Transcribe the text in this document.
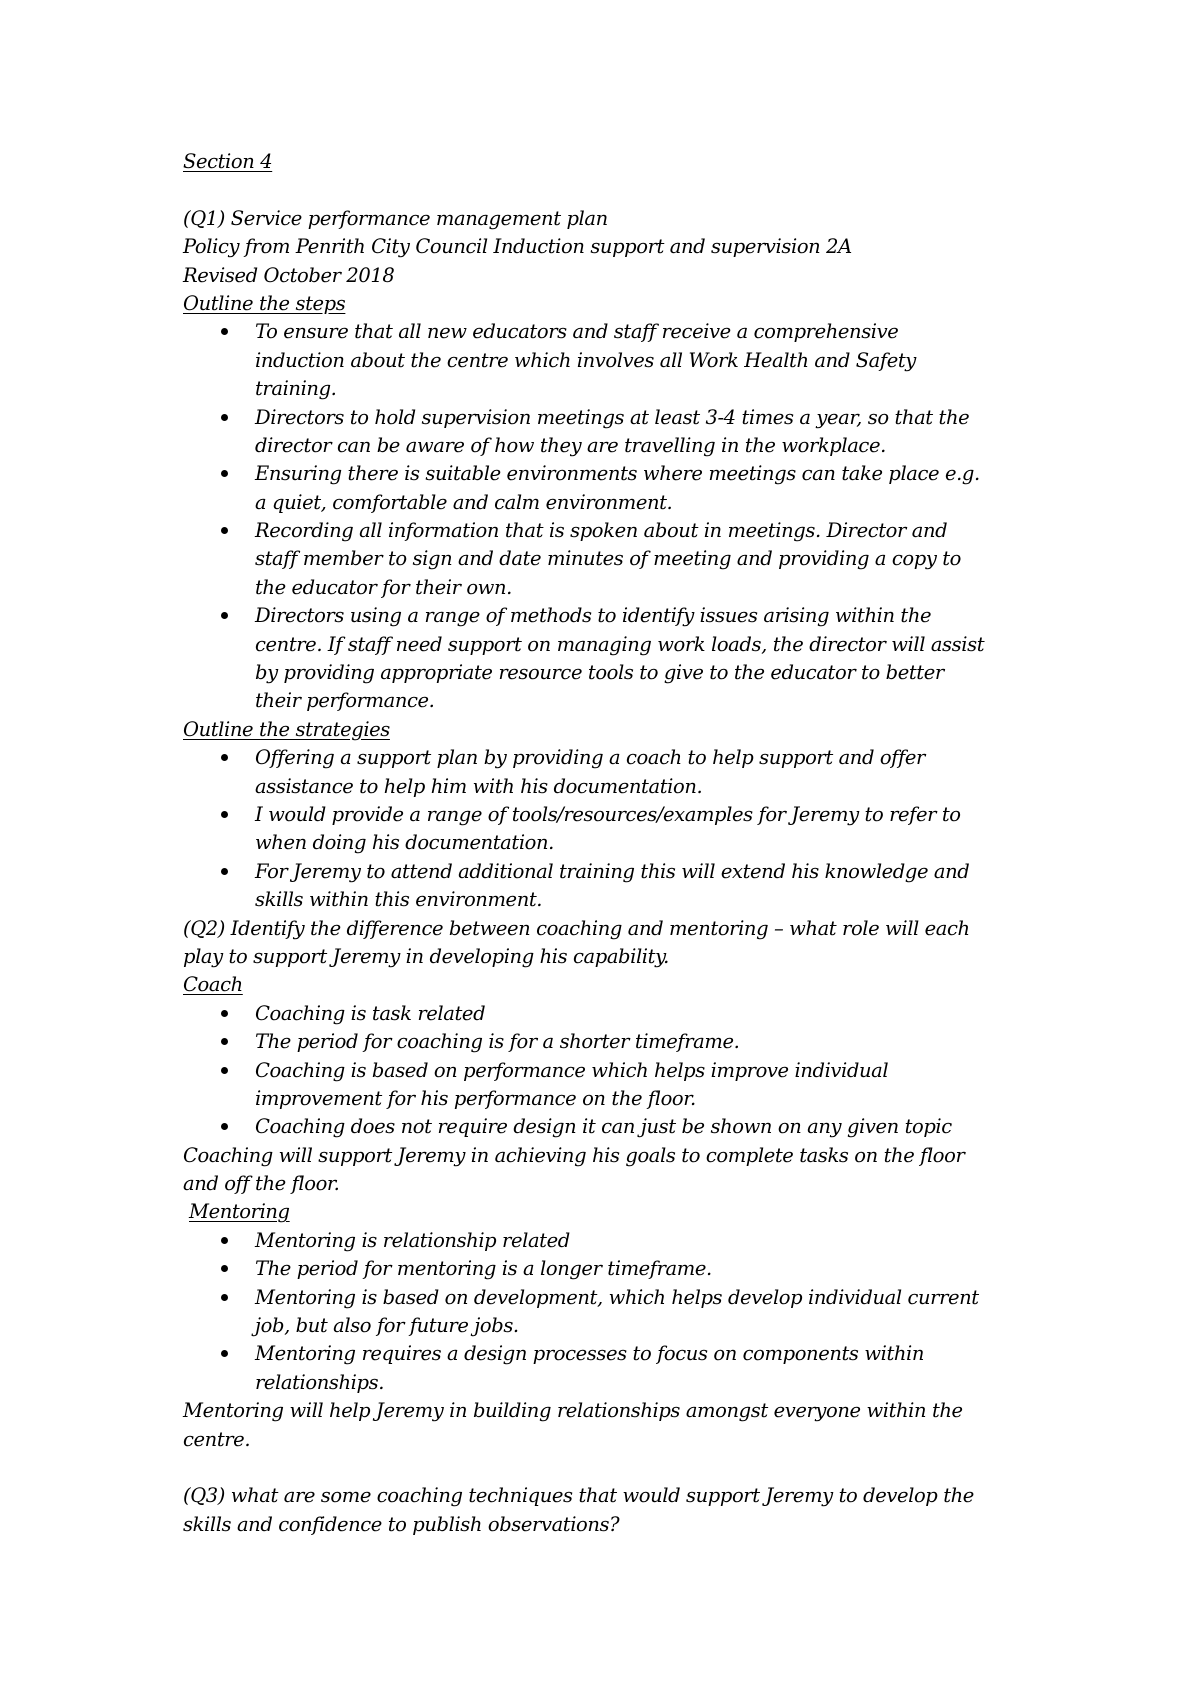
Section 4
(Q1) Service performance management plan
Policy from Penrith City Council Induction support and supervision 2A
Revised October 2018
Outline the steps
To ensure that all new educators and staff receive a comprehensive
induction about the centre which involves all Work Health and Safety
training.
Directors to hold supervision meetings at least 3-4 times a year, so that the
director can be aware of how they are travelling in the workplace.
Ensuring there is suitable environments where meetings can take place e.g.
a quiet, comfortable and calm environment.
Recording all information that is spoken about in meetings. Director and
staff member to sign and date minutes of meeting and providing a copy to
the educator for their own.
Directors using a range of methods to identify issues arising within the
centre. If staff need support on managing work loads, the director will assist
by providing appropriate resource tools to give to the educator to better
their performance.
Outline the strategies
Offering a support plan by providing a coach to help support and offer
assistance to help him with his documentation.
I would provide a range of tools/resources/examples for Jeremy to refer to
when doing his documentation.
For Jeremy to attend additional training this will extend his knowledge and
skills within this environment.
(Q2) Identify the difference between coaching and mentoring – what role will each
play to support Jeremy in developing his capability.
Coach
Coaching is task related
The period for coaching is for a shorter timeframe.
Coaching is based on performance which helps improve individual
improvement for his performance on the floor.
Coaching does not require design it can just be shown on any given topic
Coaching will support Jeremy in achieving his goals to complete tasks on the floor
and off the floor.
Mentoring
Mentoring is relationship related
The period for mentoring is a longer timeframe.
Mentoring is based on development, which helps develop individual current
job, but also for future jobs.
Mentoring requires a design processes to focus on components within
relationships.
Mentoring will help Jeremy in building relationships amongst everyone within the
centre.
(Q3) what are some coaching techniques that would support Jeremy to develop the
skills and confidence to publish observations?
